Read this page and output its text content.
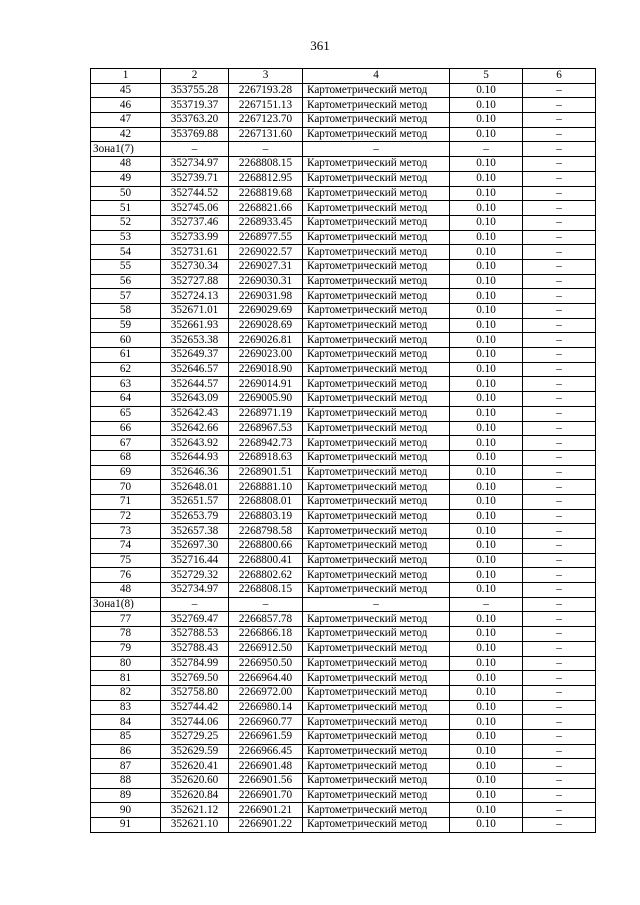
361
1	2	3	4	5	6
45	353755.28	2267193.28	Картометрический метод	0.10	–
46	353719.37	2267151.13	Картометрический метод	0.10	–
47	353763.20	2267123.70	Картометрический метод	0.10	–
42	353769.88	2267131.60	Картометрический метод	0.10	–
Зона1(7)	–	–	–	–	–
48	352734.97	2268808.15	Картометрический метод	0.10	–
49	352739.71	2268812.95	Картометрический метод	0.10	–
50	352744.52	2268819.68	Картометрический метод	0.10	–
51	352745.06	2268821.66	Картометрический метод	0.10	–
52	352737.46	2268933.45	Картометрический метод	0.10	–
53	352733.99	2268977.55	Картометрический метод	0.10	–
54	352731.61	2269022.57	Картометрический метод	0.10	–
55	352730.34	2269027.31	Картометрический метод	0.10	–
56	352727.88	2269030.31	Картометрический метод	0.10	–
57	352724.13	2269031.98	Картометрический метод	0.10	–
58	352671.01	2269029.69	Картометрический метод	0.10	–
59	352661.93	2269028.69	Картометрический метод	0.10	–
60	352653.38	2269026.81	Картометрический метод	0.10	–
61	352649.37	2269023.00	Картометрический метод	0.10	–
62	352646.57	2269018.90	Картометрический метод	0.10	–
63	352644.57	2269014.91	Картометрический метод	0.10	–
64	352643.09	2269005.90	Картометрический метод	0.10	–
65	352642.43	2268971.19	Картометрический метод	0.10	–
66	352642.66	2268967.53	Картометрический метод	0.10	–
67	352643.92	2268942.73	Картометрический метод	0.10	–
68	352644.93	2268918.63	Картометрический метод	0.10	–
69	352646.36	2268901.51	Картометрический метод	0.10	–
70	352648.01	2268881.10	Картометрический метод	0.10	–
71	352651.57	2268808.01	Картометрический метод	0.10	–
72	352653.79	2268803.19	Картометрический метод	0.10	–
73	352657.38	2268798.58	Картометрический метод	0.10	–
74	352697.30	2268800.66	Картометрический метод	0.10	–
75	352716.44	2268800.41	Картометрический метод	0.10	–
76	352729.32	2268802.62	Картометрический метод	0.10	–
48	352734.97	2268808.15	Картометрический метод	0.10	–
Зона1(8)	–	–	–	–	–
77	352769.47	2266857.78	Картометрический метод	0.10	–
78	352788.53	2266866.18	Картометрический метод	0.10	–
79	352788.43	2266912.50	Картометрический метод	0.10	–
80	352784.99	2266950.50	Картометрический метод	0.10	–
81	352769.50	2266964.40	Картометрический метод	0.10	–
82	352758.80	2266972.00	Картометрический метод	0.10	–
83	352744.42	2266980.14	Картометрический метод	0.10	–
84	352744.06	2266960.77	Картометрический метод	0.10	–
85	352729.25	2266961.59	Картометрический метод	0.10	–
86	352629.59	2266966.45	Картометрический метод	0.10	–
87	352620.41	2266901.48	Картометрический метод	0.10	–
88	352620.60	2266901.56	Картометрический метод	0.10	–
89	352620.84	2266901.70	Картометрический метод	0.10	–
90	352621.12	2266901.21	Картометрический метод	0.10	–
91	352621.10	2266901.22	Картометрический метод	0.10	–
